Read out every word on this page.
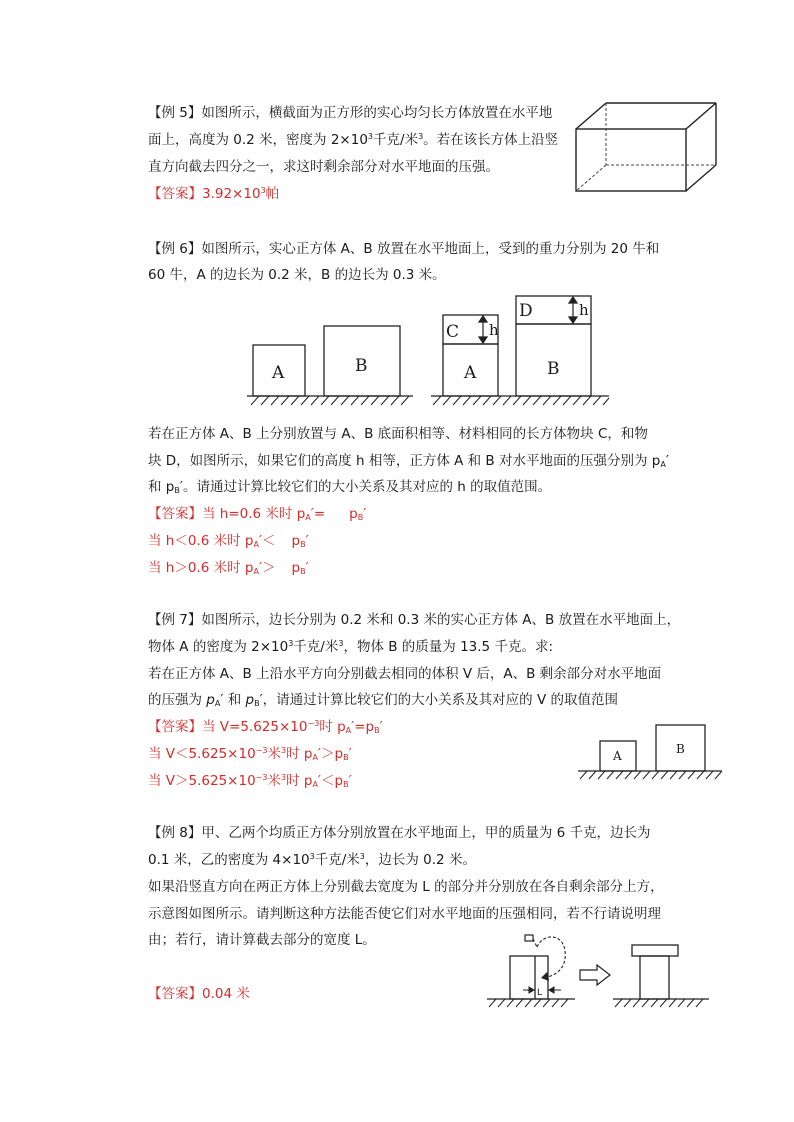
【例 5】如图所示，横截面为正方形的实心均匀长方体放置在水平地
面上，高度为 0.2 米，密度为 $2\times 10^3$千克/米$^3$。若在该长方体上沿竖
直方向截去四分之一，求这时剩余部分对水平地面的压强。
【答案】$3.92\times 10^3$帕
【例 6】如图所示，实心正方体 A、B 放置在水平地面上，受到的重力分别为 20 牛和
60 牛，A 的边长为 0.2 米，B 的边长为 0.3 米。
A	B
C h
A
D	h
B
若在正方体 A、B 上分别放置与 A、B 底面积相等、材料相同的长方体物块 C，和物
块 D，如图所示，如果它们的高度 h 相等，正方体 A 和 B 对水平地面的压强分别为 $p_A'$
和 $p_B'$。请通过计算比较它们的大小关系及其对应的 h 的取值范围。
【答案】当 h=0.6 米时 $p_A'= p_B'$
当 h＜0.6 米时 $p_A'< p_B'$
当 h＞0.6 米时 $p_A'> p_B'$
【例 7】如图所示，边长分别为 0.2 米和 0.3 米的实心正方体 A、B 放置在水平地面上，
物体 A 的密度为 $2\times 10^3$千克/米$^3$，物体 B 的质量为 13.5 千克。求:
若在正方体 A、B 上沿水平方向分别截去相同的体积 V 后，A、B 剩余部分对水平地面
的压强为 $p_A'$ 和 $p_B'$，请通过计算比较它们的大小关系及其对应的 V 的取值范围
【答案】当 $V=5.625\times 10^{-3}$时 $p_A'=p_B'$
当 $V<5.625\times 10^{-3}$米$^3$时 $p_A'>p_B'$
当 $V>5.625\times 10^{-3}$米$^3$时 $p_A'<p_B'$
A	B
【例 8】甲、乙两个均质正方体分别放置在水平地面上，甲的质量为 6 千克，边长为
0.1 米，乙的密度为 $4\times 10^3$千克/米$^3$，边长为 0.2 米。
如果沿竖直方向在两正方体上分别截去宽度为 L 的部分并分别放在各自剩余部分上方，
示意图如图所示。请判断这种方法能否使它们对水平地面的压强相同，若不行请说明理
由；若行，请计算截去部分的宽度 L。
【答案】0.04 米	L
